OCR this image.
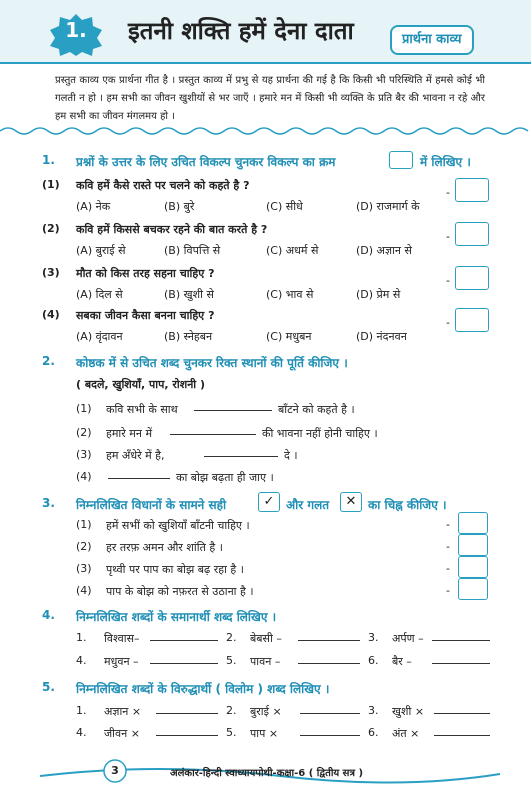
1.	इतनी शक्ति हमें देना दाता	प्रार्थना काव्य
प्रस्तुत काव्य एक प्रार्थना गीत है । प्रस्तुत काव्य में प्रभु से यह प्रार्थना की गई है कि किसी भी परिस्थिति में हमसे कोई भी गलती न हो । हम सभी का जीवन खुशीयों से भर जाएँ । हमारे मन में किसी भी व्यक्ति के प्रति बैर की भावना न रहे और हम सभी का जीवन मंगलमय हो ।
1. प्रश्नों के उत्तर के लिए उचित विकल्प चुनकर विकल्प का क्रम	में लिखिए ।
(1) कवि हमें कैसे रास्ते पर चलने को कहते है ?
(A) नेक	(B) बुरे	(C) सीधे	(D) राजमार्ग के
-
(2) कवि हमें किससे बचकर रहने की बात करते है ?
(A) बुराई से	(B) विपत्ति से	(C) अधर्म से	(D) अज्ञान से
-
(3) मौत को किस तरह सहना चाहिए ?
(A) दिल से	(B) खुशी से	(C) भाव से	(D) प्रेम से
-
(4) सबका जीवन कैसा बनना चाहिए ?
(A) वृंदावन	(B) स्नेहबन	(C) मधुबन	(D) नंदनवन
-
2. कोष्ठक में से उचित शब्द चुनकर रिक्त स्थानों की पूर्ति कीजिए ।
( बदले, खुशियाँ, पाप, रोशनी )
(1) कवि सभी के साथ	बाँटने को कहते है ।
(2) हमारे मन में	की भावना नहीं होनी चाहिए ।
(3) हम अँधेरे में है,	दे ।
(4)	का बोझ बढ़ता ही जाए ।
3. निम्नलिखित विधानों के सामने सही	✓ और गलत	✕ का चिह्न कीजिए ।
(1) हमें सभीं को खुशियाँ बाँटनी चाहिए ।	-
(2) हर तरफ़ अमन और शांति है ।	-
(3) पृथ्वी पर पाप का बोझ बढ़ रहा है ।	-
(4) पाप के बोझ को नफ़रत से उठाना है ।	-
4. निम्नलिखित शब्दों के समानार्थी शब्द लिखिए ।
1. विश्वास–	2. बेबसी –	3. अर्पण –
4. मधुवन –	5. पावन –	6. बैर –
5. निम्नलिखित शब्दों के विरुद्धार्थी ( विलोम ) शब्द लिखिए ।
1. अज्ञान ×	2. बुराई ×	3. खुशी ×
4. जीवन ×	5. पाप ×	6. अंत ×
3	अलंकार-हिन्दी स्वाध्यायपोथी-कक्षा-6 ( द्वितीय सत्र )
